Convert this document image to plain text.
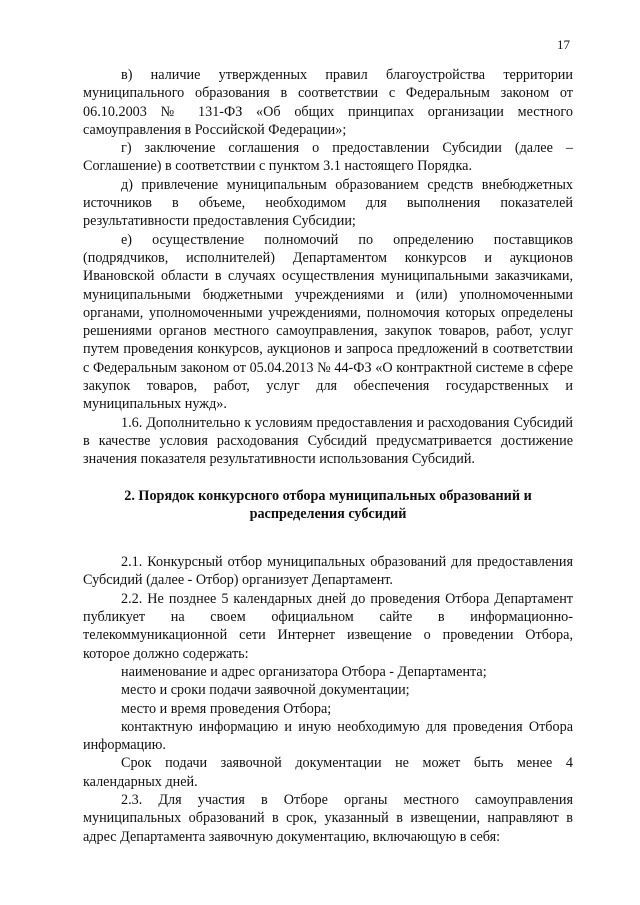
17

в) наличие утвержденных правил благоустройства территории муниципального образования в соответствии с Федеральным законом от 06.10.2003 № 131-ФЗ «Об общих принципах организации местного самоуправления в Российской Федерации»;

г) заключение соглашения о предоставлении Субсидии (далее – Соглашение) в соответствии с пунктом 3.1 настоящего Порядка.

д) привлечение муниципальным образованием средств внебюджетных источников в объеме, необходимом для выполнения показателей результативности предоставления Субсидии;

е) осуществление полномочий по определению поставщиков (подрядчиков, исполнителей) Департаментом конкурсов и аукционов Ивановской области в случаях осуществления муниципальными заказчиками, муниципальными бюджетными учреждениями и (или) уполномоченными органами, уполномоченными учреждениями, полномочия которых определены решениями органов местного самоуправления, закупок товаров, работ, услуг путем проведения конкурсов, аукционов и запроса предложений в соответствии с Федеральным законом от 05.04.2013 № 44-ФЗ «О контрактной системе в сфере закупок товаров, работ, услуг для обеспечения государственных и муниципальных нужд».

1.6. Дополнительно к условиям предоставления и расходования Субсидий в качестве условия расходования Субсидий предусматривается достижение значения показателя результативности использования Субсидий.

2. Порядок конкурсного отбора муниципальных образований и распределения субсидий

2.1. Конкурсный отбор муниципальных образований для предоставления Субсидий (далее - Отбор) организует Департамент.

2.2. Не позднее 5 календарных дней до проведения Отбора Департамент публикует на своем официальном сайте в информационно-телекоммуникационной сети Интернет извещение о проведении Отбора, которое должно содержать:

наименование и адрес организатора Отбора - Департамента;

место и сроки подачи заявочной документации;

место и время проведения Отбора;

контактную информацию и иную необходимую для проведения Отбора информацию.

Срок подачи заявочной документации не может быть менее 4 календарных дней.

2.3. Для участия в Отборе органы местного самоуправления муниципальных образований в срок, указанный в извещении, направляют в адрес Департамента заявочную документацию, включающую в себя:
